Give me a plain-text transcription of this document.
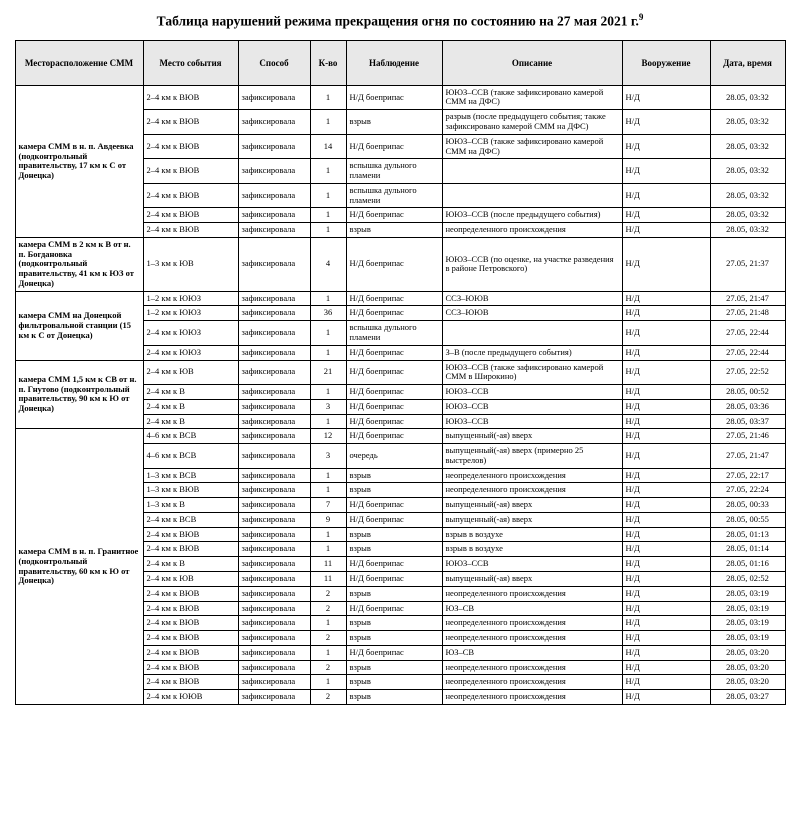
Таблица нарушений режима прекращения огня по состоянию на 27 мая 2021 г.$^9$
Месторасположение СММ	Место события	Способ	К-во	Наблюдение	Описание	Вооружение	Дата, время
камера СММ в н. п. Авдеевка (подконтрольный правительству, 17 км к С от Донецка)	2–4 км к ВЮВ	зафиксировала	1	Н/Д боеприпас	ЮЮЗ–ССВ (также зафиксировано камерой СММ на ДФС)	Н/Д	28.05, 03:32
	2–4 км к ВЮВ	зафиксировала	1	взрыв	разрыв (после предыдущего события; также зафиксировано камерой СММ на ДФС)	Н/Д	28.05, 03:32
	2–4 км к ВЮВ	зафиксировала	14	Н/Д боеприпас	ЮЮЗ–ССВ (также зафиксировано камерой СММ на ДФС)	Н/Д	28.05, 03:32
	2–4 км к ВЮВ	зафиксировала	1	вспышка дульного пламени		Н/Д	28.05, 03:32
	2–4 км к ВЮВ	зафиксировала	1	вспышка дульного пламени		Н/Д	28.05, 03:32
	2–4 км к ВЮВ	зафиксировала	1	Н/Д боеприпас	ЮЮЗ–ССВ (после предыдущего события)	Н/Д	28.05, 03:32
	2–4 км к ВЮВ	зафиксировала	1	взрыв	неопределенного происхождения	Н/Д	28.05, 03:32
камера СММ в 2 км к В от н. п. Богдановка (подконтрольный правительству, 41 км к ЮЗ от Донецка)	1–3 км к ЮВ	зафиксировала	4	Н/Д боеприпас	ЮЮЗ–ССВ (по оценке, на участке разведения в районе Петровского)	Н/Д	27.05, 21:37
камера СММ на Донецкой фильтровальной станции (15 км к С от Донецка)	1–2 км к ЮЮЗ	зафиксировала	1	Н/Д боеприпас	ССЗ–ЮЮВ	Н/Д	27.05, 21:47
	1–2 км к ЮЮЗ	зафиксировала	36	Н/Д боеприпас	ССЗ–ЮЮВ	Н/Д	27.05, 21:48
	2–4 км к ЮЮЗ	зафиксировала	1	вспышка дульного пламени		Н/Д	27.05, 22:44
	2–4 км к ЮЮЗ	зафиксировала	1	Н/Д боеприпас	З–В (после предыдущего события)	Н/Д	27.05, 22:44
камера СММ 1,5 км к СВ от н. п. Гнутово (подконтрольный правительству, 90 км к Ю от Донецка)	2–4 км к ЮВ	зафиксировала	21	Н/Д боеприпас	ЮЮЗ–ССВ (также зафиксировано камерой СММ в Широкино)	Н/Д	27.05, 22:52
	2–4 км к В	зафиксировала	1	Н/Д боеприпас	ЮЮЗ–ССВ	Н/Д	28.05, 00:52
	2–4 км к В	зафиксировала	3	Н/Д боеприпас	ЮЮЗ–ССВ	Н/Д	28.05, 03:36
	2–4 км к В	зафиксировала	1	Н/Д боеприпас	ЮЮЗ–ССВ	Н/Д	28.05, 03:37
камера СММ в н. п. Гранитное (подконтрольный правительству, 60 км к Ю от Донецка)	4–6 км к ВСВ	зафиксировала	12	Н/Д боеприпас	выпущенный(-ая) вверх	Н/Д	27.05, 21:46
	4–6 км к ВСВ	зафиксировала	3	очередь	выпущенный(-ая) вверх (примерно 25 выстрелов)	Н/Д	27.05, 21:47
	1–3 км к ВСВ	зафиксировала	1	взрыв	неопределенного происхождения	Н/Д	27.05, 22:17
	1–3 км к ВЮВ	зафиксировала	1	взрыв	неопределенного происхождения	Н/Д	27.05, 22:24
	1–3 км к В	зафиксировала	7	Н/Д боеприпас	выпущенный(-ая) вверх	Н/Д	28.05, 00:33
	2–4 км к ВСВ	зафиксировала	9	Н/Д боеприпас	выпущенный(-ая) вверх	Н/Д	28.05, 00:55
	2–4 км к ВЮВ	зафиксировала	1	взрыв	взрыв в воздухе	Н/Д	28.05, 01:13
	2–4 км к ВЮВ	зафиксировала	1	взрыв	взрыв в воздухе	Н/Д	28.05, 01:14
	2–4 км к В	зафиксировала	11	Н/Д боеприпас	ЮЮЗ–ССВ	Н/Д	28.05, 01:16
	2–4 км к ЮВ	зафиксировала	11	Н/Д боеприпас	выпущенный(-ая) вверх	Н/Д	28.05, 02:52
	2–4 км к ВЮВ	зафиксировала	2	взрыв	неопределенного происхождения	Н/Д	28.05, 03:19
	2–4 км к ВЮВ	зафиксировала	2	Н/Д боеприпас	ЮЗ–СВ	Н/Д	28.05, 03:19
	2–4 км к ВЮВ	зафиксировала	1	взрыв	неопределенного происхождения	Н/Д	28.05, 03:19
	2–4 км к ВЮВ	зафиксировала	2	взрыв	неопределенного происхождения	Н/Д	28.05, 03:19
	2–4 км к ВЮВ	зафиксировала	1	Н/Д боеприпас	ЮЗ–СВ	Н/Д	28.05, 03:20
	2–4 км к ВЮВ	зафиксировала	2	взрыв	неопределенного происхождения	Н/Д	28.05, 03:20
	2–4 км к ВЮВ	зафиксировала	1	взрыв	неопределенного происхождения	Н/Д	28.05, 03:20
	2–4 км к ЮЮВ	зафиксировала	2	взрыв	неопределенного происхождения	Н/Д	28.05, 03:27
